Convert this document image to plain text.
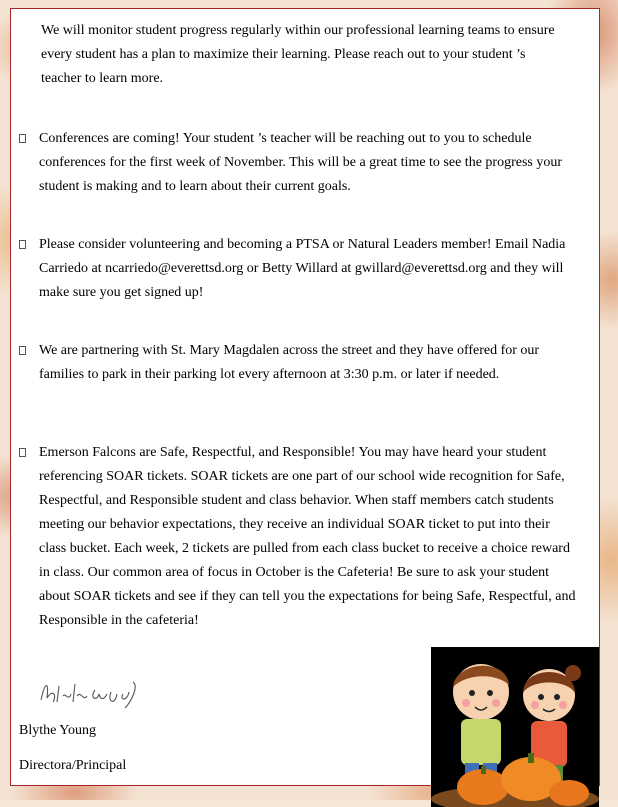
We will monitor student progress regularly within our professional learning teams to ensure every student has a plan to maximize their learning. Please reach out to your student ’s teacher to learn more.

Conferences are coming! Your student ’s teacher will be reaching out to you to schedule conferences for the first week of November. This will be a great time to see the progress your student is making and to learn about their current goals.

Please consider volunteering and becoming a PTSA or Natural Leaders member! Email Nadia Carriedo at ncarriedo@everettsd.org or Betty Willard at gwillard@everettsd.org and they will make sure you get signed up!

We are partnering with St. Mary Magdalen across the street and they have offered for our families to park in their parking lot every afternoon at 3:30 p.m. or later if needed.

Emerson Falcons are Safe, Respectful, and Responsible! You may have heard your student referencing SOAR tickets. SOAR tickets are one part of our school wide recognition for Safe, Respectful, and Responsible student and class behavior. When staff members catch students meeting our behavior expectations, they receive an individual SOAR ticket to put into their class bucket. Each week, 2 tickets are pulled from each class bucket to receive a choice reward in class. Our common area of focus in October is the Cafeteria! Be sure to ask your student about SOAR tickets and see if they can tell you the expectations for being Safe, Respectful, and Responsible in the cafeteria!

Blythe Young
Directora/Principal
